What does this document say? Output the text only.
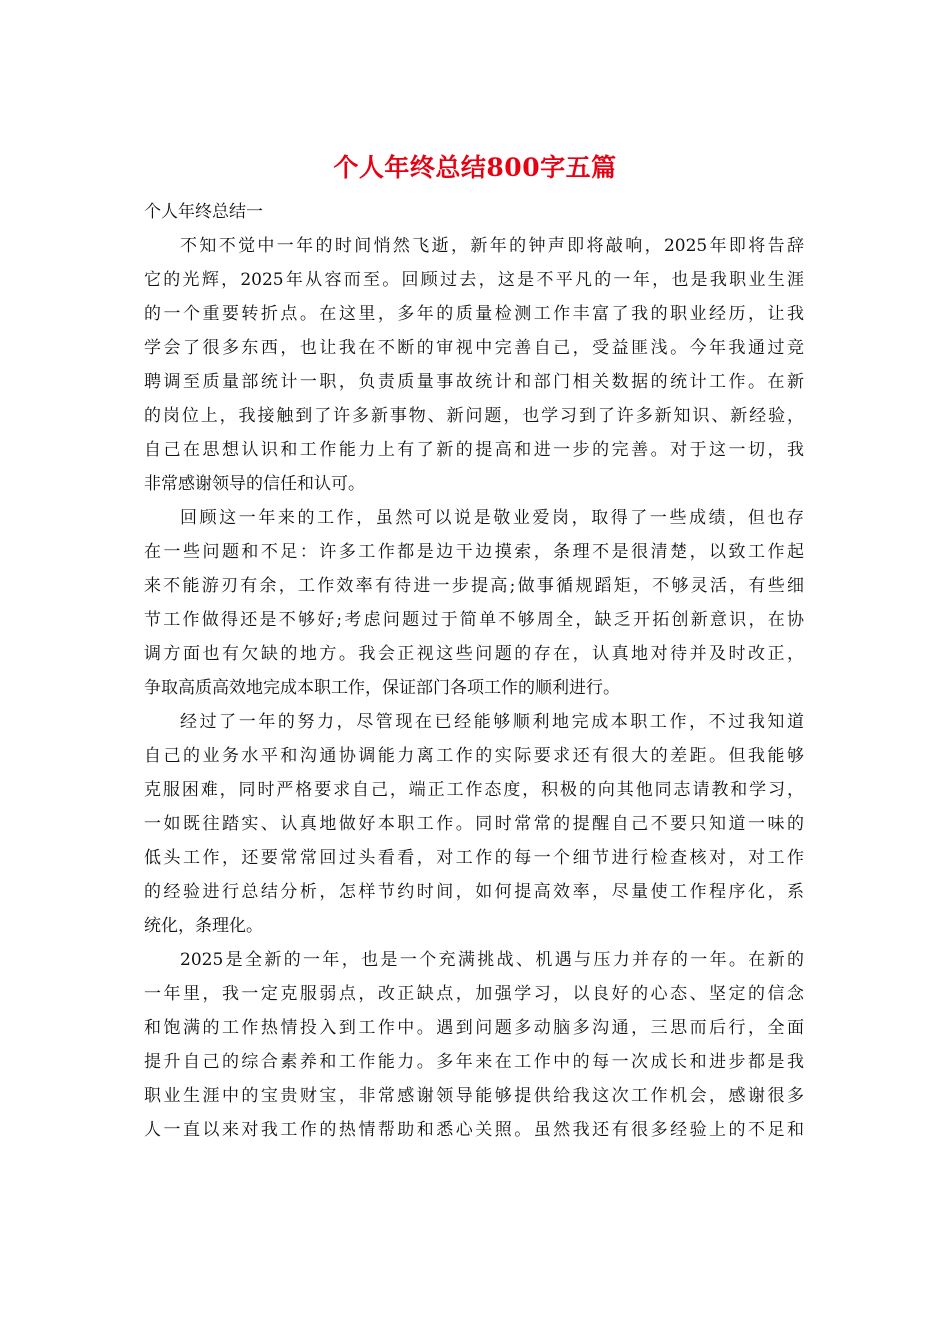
个人年终总结800字五篇
个人年终总结一
不知不觉中一年的时间悄然飞逝，新年的钟声即将敲响，2025年即将告辞
它的光辉，2025年从容而至。回顾过去，这是不平凡的一年，也是我职业生涯
的一个重要转折点。在这里，多年的质量检测工作丰富了我的职业经历，让我
学会了很多东西，也让我在不断的审视中完善自己，受益匪浅。今年我通过竞
聘调至质量部统计一职，负责质量事故统计和部门相关数据的统计工作。在新
的岗位上，我接触到了许多新事物、新问题，也学习到了许多新知识、新经验，
自己在思想认识和工作能力上有了新的提高和进一步的完善。对于这一切，我
非常感谢领导的信任和认可。
回顾这一年来的工作，虽然可以说是敬业爱岗，取得了一些成绩，但也存
在一些问题和不足：许多工作都是边干边摸索，条理不是很清楚，以致工作起
来不能游刃有余，工作效率有待进一步提高;做事循规蹈矩，不够灵活，有些细
节工作做得还是不够好;考虑问题过于简单不够周全，缺乏开拓创新意识，在协
调方面也有欠缺的地方。我会正视这些问题的存在，认真地对待并及时改正，
争取高质高效地完成本职工作，保证部门各项工作的顺利进行。
经过了一年的努力，尽管现在已经能够顺利地完成本职工作，不过我知道
自己的业务水平和沟通协调能力离工作的实际要求还有很大的差距。但我能够
克服困难，同时严格要求自己，端正工作态度，积极的向其他同志请教和学习，
一如既往踏实、认真地做好本职工作。同时常常的提醒自己不要只知道一味的
低头工作，还要常常回过头看看，对工作的每一个细节进行检查核对，对工作
的经验进行总结分析，怎样节约时间，如何提高效率，尽量使工作程序化，系
统化，条理化。
2025是全新的一年，也是一个充满挑战、机遇与压力并存的一年。在新的
一年里，我一定克服弱点，改正缺点，加强学习，以良好的心态、坚定的信念
和饱满的工作热情投入到工作中。遇到问题多动脑多沟通，三思而后行，全面
提升自己的综合素养和工作能力。多年来在工作中的每一次成长和进步都是我
职业生涯中的宝贵财宝，非常感谢领导能够提供给我这次工作机会，感谢很多
人一直以来对我工作的热情帮助和悉心关照。虽然我还有很多经验上的不足和
